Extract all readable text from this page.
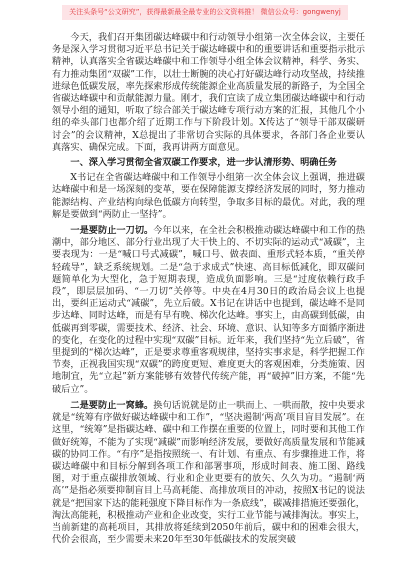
关注头条号“公文研究”，获得最新最全最专业的公文资料推！ 微信公众号：gongwenyj

今天，我们召开集团碳达峰碳中和行动领导小组第一次全体会议，主要任务是深入学习贯彻习近平总书记关于碳达峰碳中和的重要讲话和重要指示批示精神，认真落实全省碳达峰碳中和工作领导小组全体会议精神，科学、务实、有力推动集团“双碳”工作，以壮士断腕的决心打好碳达峰行动攻坚战，持续推进绿色低碳发展，率先探索形成传统能源企业高质量发展的新路子，为全国全省碳达峰碳中和贡献能源力量。刚才，我们宣读了成立集团碳达峰碳中和行动领导小组的通知，听取了综合部关于碳达峰专项行动方案的汇报，其他几个小组的牵头部门也都介绍了近期工作与下阶段计划。X传达了“领导干部双碳研讨会”的会议精神，X总提出了非常切合实际的具体要求，各部门各企业要认真落实、确保完成。下面，我再讲两方面意见。

一、深入学习贯彻全省双碳工作要求，进一步认清形势、明确任务

X书记在全省碳达峰碳中和工作领导小组第一次全体会议上强调，推进碳达峰碳中和是一场深刻的变革，要在保障能源支撑经济发展的同时，努力推动能源结构、产业结构向绿色低碳方向转型，争取多目标的最优。对此，我的理解是要做到“两防止一坚持”。

一是要防止一刀切。今年以来，在全社会积极推动碳达峰碳中和工作的热潮中，部分地区、部分行业出现了大干快上的、不切实际的运动式“减碳”，主要表现为：一是“喊口号式减碳”，喊口号、做表面、重形式轻本质，“重关停轻疏导”，缺乏系统规划。二是“急于求成式”快速、高目标低减化，即双碳问题简单化为大型化，急于短期表现，造成负面影响。三是“过度依赖行政手段”，即层层加码、“一刀切”关停等。中央在4月30日的政治局会议上也提出，要纠正运动式“减碳”，先立后破。X书记在讲话中也提到，碳达峰不是同步达峰、同时达峰，而是有早有晚、梯次化达峰。事实上，由高碳到低碳，由低碳再到零碳，需要技术、经济、社会、环境、意识、认知等多方面循序渐进的变化，在变化的过程中实现“双碳”目标。近年来，我们坚持“先立后破”，省里提到的“梯次达峰”，正是要求尊重客观规律，坚持实事求是，科学把握工作节奏，正视我国实现“双碳”的跨度更短、难度更大的客观困难，分类施策、因地制宜，先“立起”新方案能够有效替代传统产能，再“破掉”旧方案，不能“先破后立”。

二是要防止一窝蜂。换句话说就是防止一哄而上、一哄而散，按中央要求就是“统筹有序做好碳达峰碳中和工作”，“坚决遏制‘两高’项目盲目发展”。在这里，“统筹”是指碳达峰、碳中和工作摆在重要的位置上，同时要和其他工作做好统筹，不能为了实现“减碳”而影响经济发展，要做好高质量发展和节能减碳的协同工作。“有序”是指按照统一、有计划、有重点、有步骤推进工作，将碳达峰碳中和目标分解到各项工作和部署事项，形成时间表、施工图、路线图，对于重点碳排放领域、行业和企业更要有的放矢、久久为功。“遏制‘两高’”是指必须要抑制盲目上马高耗能、高排放项目的冲动，按照X书记的说法就是“把国家下达的能耗强度下降目标作为一条底线”，碳减排措施还要强化，淘汰高能耗，积极推动产业和企业改变，实行工业节能与减排淘汰。事实上，当前新建的高耗项目，其排放将延续到2050年前后，碳中和的困难会很大，代价会很高，至少需要未来20年至30年低碳技术的发展突破
